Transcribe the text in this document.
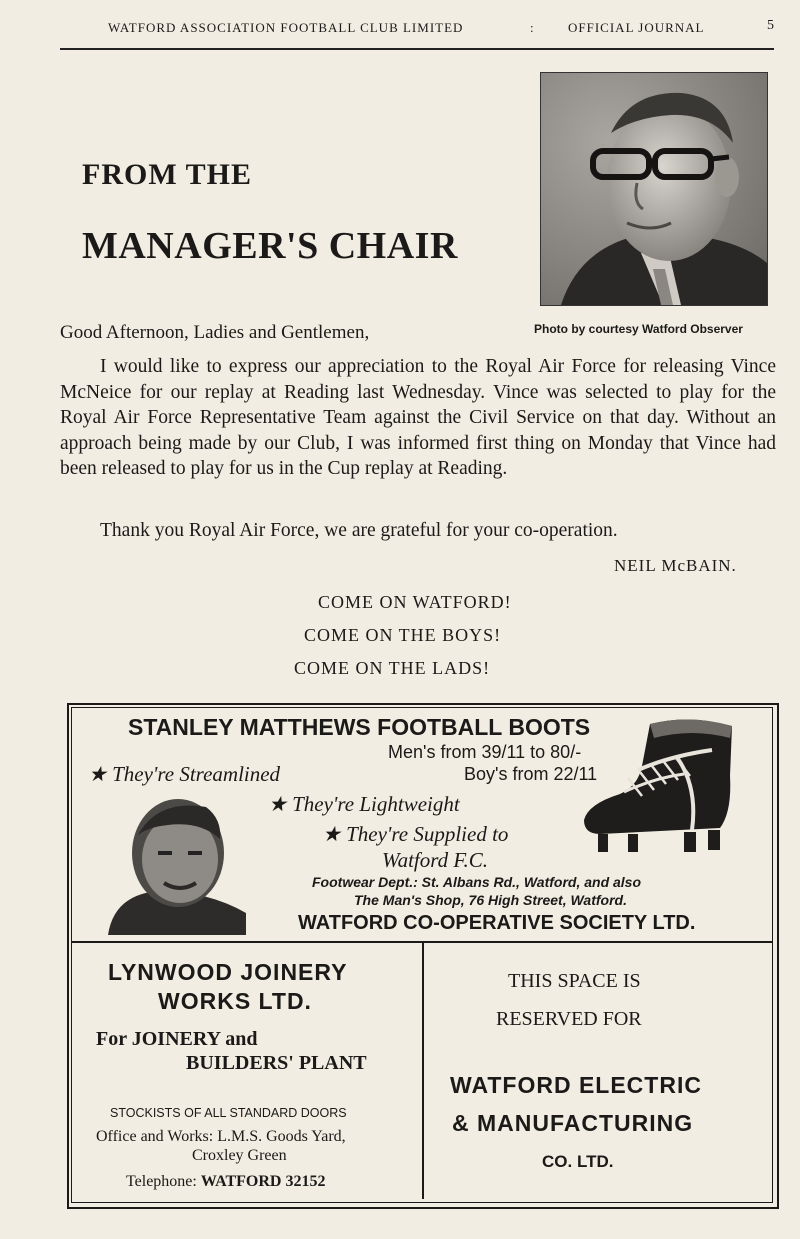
WATFORD ASSOCIATION FOOTBALL CLUB LIMITED	:	OFFICIAL JOURNAL	5
FROM THE
MANAGER'S CHAIR
Photo by courtesy Watford Observer
Good Afternoon, Ladies and Gentlemen,

I would like to express our appreciation to the Royal Air Force for releasing Vince McNeice for our replay at Reading last Wednesday. Vince was selected to play for the Royal Air Force Representative Team against the Civil Service on that day. Without an approach being made by our Club, I was informed first thing on Monday that Vince had been released to play for us in the Cup replay at Reading.

Thank you Royal Air Force, we are grateful for your co-operation.
NEIL McBAIN.
COME ON WATFORD!
COME ON THE BOYS!
COME ON THE LADS!
STANLEY MATTHEWS FOOTBALL BOOTS
Men's from 39/11 to 80/-
Boy's from 22/11
★ They're Streamlined
★ They're Lightweight
★ They're Supplied to
Watford F.C.
Footwear Dept.: St. Albans Rd., Watford, and also
The Man's Shop, 76 High Street, Watford.
WATFORD CO-OPERATIVE SOCIETY LTD.
LYNWOOD JOINERY
WORKS LTD.
For JOINERY and
BUILDERS' PLANT
STOCKISTS OF ALL STANDARD DOORS
Office and Works: L.M.S. Goods Yard,
Croxley Green
Telephone: WATFORD 32152
THIS SPACE IS
RESERVED FOR
WATFORD ELECTRIC
& MANUFACTURING
CO. LTD.
